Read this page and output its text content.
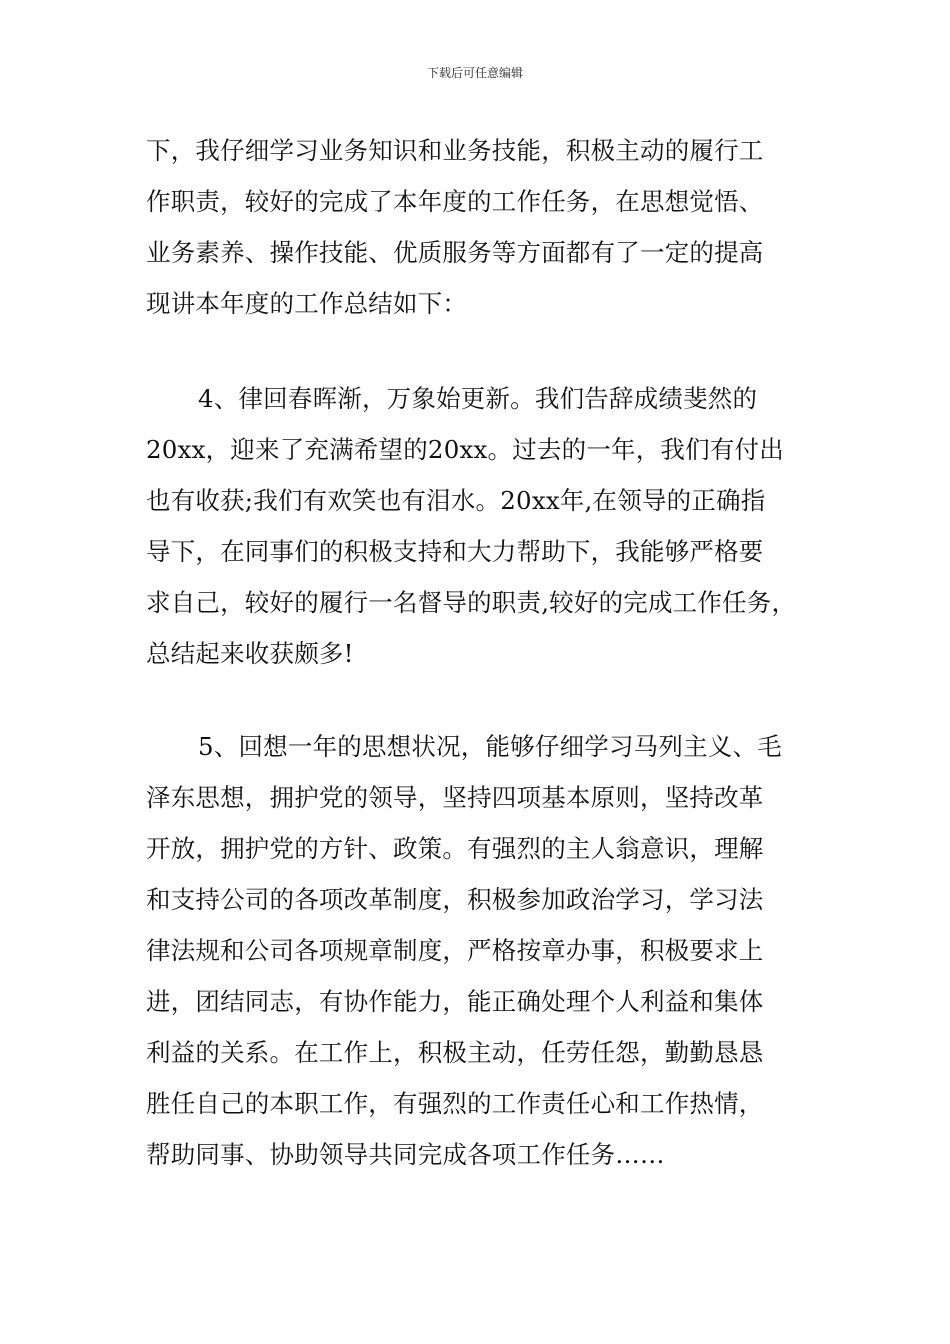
下载后可任意编辑
下，我仔细学习业务知识和业务技能，积极主动的履行工
作职责，较好的完成了本年度的工作任务，在思想觉悟、
业务素养、操作技能、优质服务等方面都有了一定的提高
现讲本年度的工作总结如下：
4、律回春晖渐，万象始更新。我们告辞成绩斐然的
20xx，迎来了充满希望的20xx。过去的一年，我们有付出
也有收获;我们有欢笑也有泪水。20xx年,在领导的正确指
导下，在同事们的积极支持和大力帮助下，我能够严格要
求自己，较好的履行一名督导的职责,较好的完成工作任务，
总结起来收获颇多!
5、回想一年的思想状况，能够仔细学习马列主义、毛
泽东思想，拥护党的领导，坚持四项基本原则，坚持改革
开放，拥护党的方针、政策。有强烈的主人翁意识，理解
和支持公司的各项改革制度，积极参加政治学习，学习法
律法规和公司各项规章制度，严格按章办事，积极要求上
进，团结同志，有协作能力，能正确处理个人利益和集体
利益的关系。在工作上，积极主动，任劳任怨，勤勤恳恳
胜任自己的本职工作，有强烈的工作责任心和工作热情，
帮助同事、协助领导共同完成各项工作任务……
